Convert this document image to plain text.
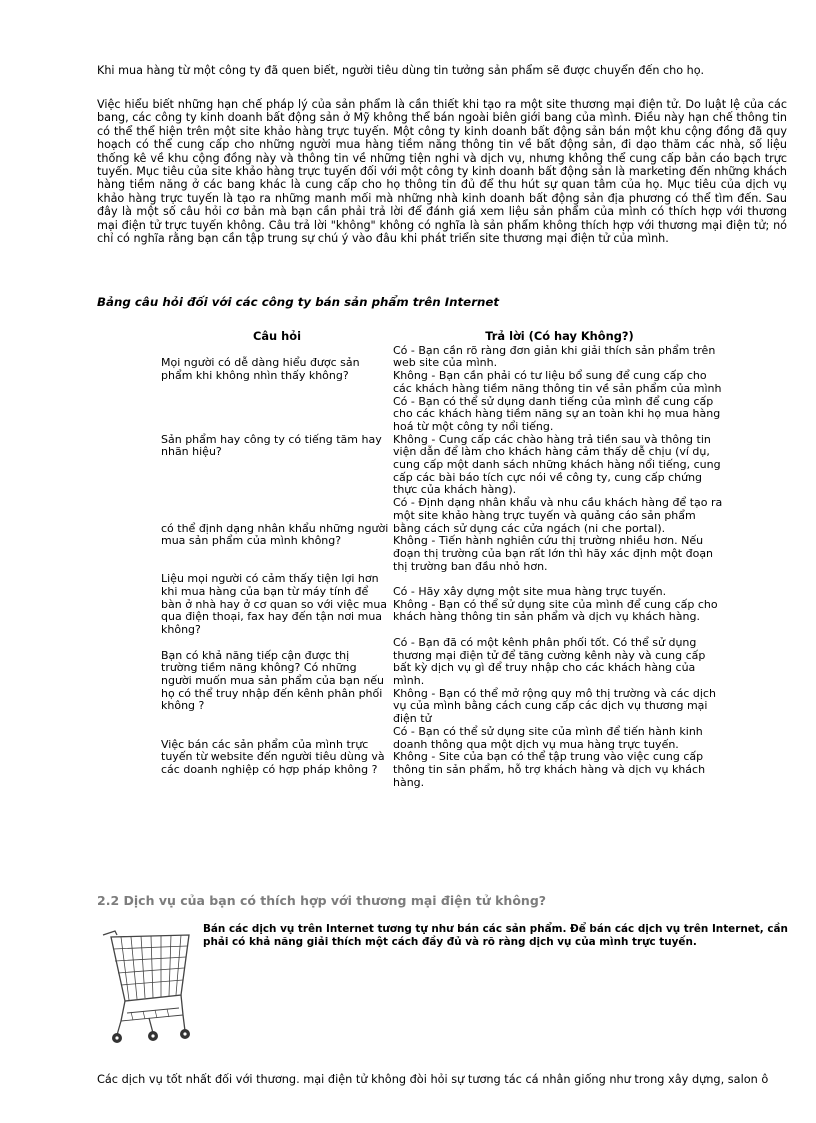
Khi mua hàng từ một công ty đã quen biết, người tiêu dùng tin tưởng sản phẩm sẽ được chuyển đến cho họ.

Việc hiểu biết những hạn chế pháp lý của sản phẩm là cần thiết khi tạo ra một site thương mại điện tử. Do luật lệ của các bang, các công ty kinh doanh bất động sản ở Mỹ không thể bán ngoài biên giới bang của mình. Điều này hạn chế thông tin có thể thể hiện trên một site khảo hàng trực tuyến. Một công ty kinh doanh bất động sản bán một khu cộng đồng đã quy hoạch có thể cung cấp cho những người mua hàng tiềm năng thông tin về bất động sản, đi dạo thăm các nhà, số liệu thống kê về khu cộng đồng này và thông tin về những tiện nghi và dịch vụ, nhưng không thể cung cấp bản cáo bạch trực tuyến. Mục tiêu của site khảo hàng trực tuyến đối với một công ty kinh doanh bất động sản là marketing đến những khách hàng tiềm năng ở các bang khác là cung cấp cho họ thông tin đủ để thu hút sự quan tâm của họ. Mục tiêu của dịch vụ khảo hàng trực tuyến là tạo ra những manh mối mà những nhà kinh doanh bất động sản địa phương có thể tìm đến. Sau đây là một số câu hỏi cơ bản mà bạn cần phải trả lời để đánh giá xem liệu sản phẩm của mình có thích hợp với thương mại điện tử trực tuyến không. Câu trả lời "không" không có nghĩa là sản phẩm không thích hợp với thương mại điện tử; nó chỉ có nghĩa rằng bạn cần tập trung sự chú ý vào đâu khi phát triển site thương mại điện tử của mình.

Bảng câu hỏi đối với các công ty bán sản phẩm trên Internet

Câu hỏi	Trả lời (Có hay Không?)
Mọi người có dễ dàng hiểu được sản phẩm khi không nhìn thấy không?	Có - Bạn cần rõ ràng đơn giản khi giải thích sản phẩm trên web site của mình.

Không - Bạn cần phải có tư liệu bổ sung để cung cấp cho các khách hàng tiềm năng thông tin về sản phẩm của mình

Sản phẩm hay công ty có tiếng tăm hay nhãn hiệu?	Có - Bạn có thể sử dụng danh tiếng của mình để cung cấp cho các khách hàng tiềm năng sự an toàn khi họ mua hàng hoá từ một công ty nổi tiếng.

Không - Cung cấp các chào hàng trả tiền sau và thông tin viện dẫn để làm cho khách hàng cảm thấy dễ chịu (ví dụ, cung cấp một danh sách những khách hàng nổi tiếng, cung cấp các bài báo tích cực nói về công ty, cung cấp chứng thực của khách hàng).

có thể định dạng nhân khẩu những người mua sản phẩm của mình không?	Có - Định dạng nhân khẩu và nhu cầu khách hàng để tạo ra một site khảo hàng trực tuyến và quảng cáo sản phẩm bằng cách sử dụng các cửa ngách (ni che portal).

Không - Tiến hành nghiên cứu thị trường nhiều hơn. Nếu đoạn thị trường của bạn rất lớn thì hãy xác định một đoạn thị trường ban đầu nhỏ hơn.

Liệu mọi người có cảm thấy tiện lợi hơn khi mua hàng của bạn từ máy tính để bàn ở nhà hay ở cơ quan so với việc mua qua điện thoại, fax hay đến tận nơi mua không?	Có - Hãy xây dựng một site mua hàng trực tuyến.

Không - Bạn có thể sử dụng site của mình để cung cấp cho khách hàng thông tin sản phẩm và dịch vụ khách hàng.

Bạn có khả năng tiếp cận được thị trường tiềm năng không? Có những người muốn mua sản phẩm của bạn nếu họ có thể truy nhập đến kênh phân phối không ?	Có - Bạn đã có một kênh phân phối tốt. Có thể sử dụng thương mại điện tử để tăng cường kênh này và cung cấp bất kỳ dịch vụ gì để truy nhập cho các khách hàng của mình.

Không - Bạn có thể mở rộng quy mô thị trường và các dịch vụ của mình bằng cách cung cấp các dịch vụ thương mại điện tử

Việc bán các sản phẩm của mình trực tuyến từ website đến người tiêu dùng và các doanh nghiệp có hợp pháp không ?	Có - Bạn có thể sử dụng site của mình để tiến hành kinh doanh thông qua một dịch vụ mua hàng trực tuyến.

Không - Site của bạn có thể tập trung vào việc cung cấp thông tin sản phẩm, hỗ trợ khách hàng và dịch vụ khách hàng.

2.2 Dịch vụ của bạn có thích hợp với thương mại điện tử không?

Bán các dịch vụ trên Internet tương tự như bán các sản phẩm. Để bán các dịch vụ trên Internet, cần phải có khả năng giải thích một cách đầy đủ và rõ ràng dịch vụ của mình trực tuyến.

Các dịch vụ tốt nhất đối với thương. mại điện tử không đòi hỏi sự tương tác cá nhân giống như trong xây dựng, salon ô
